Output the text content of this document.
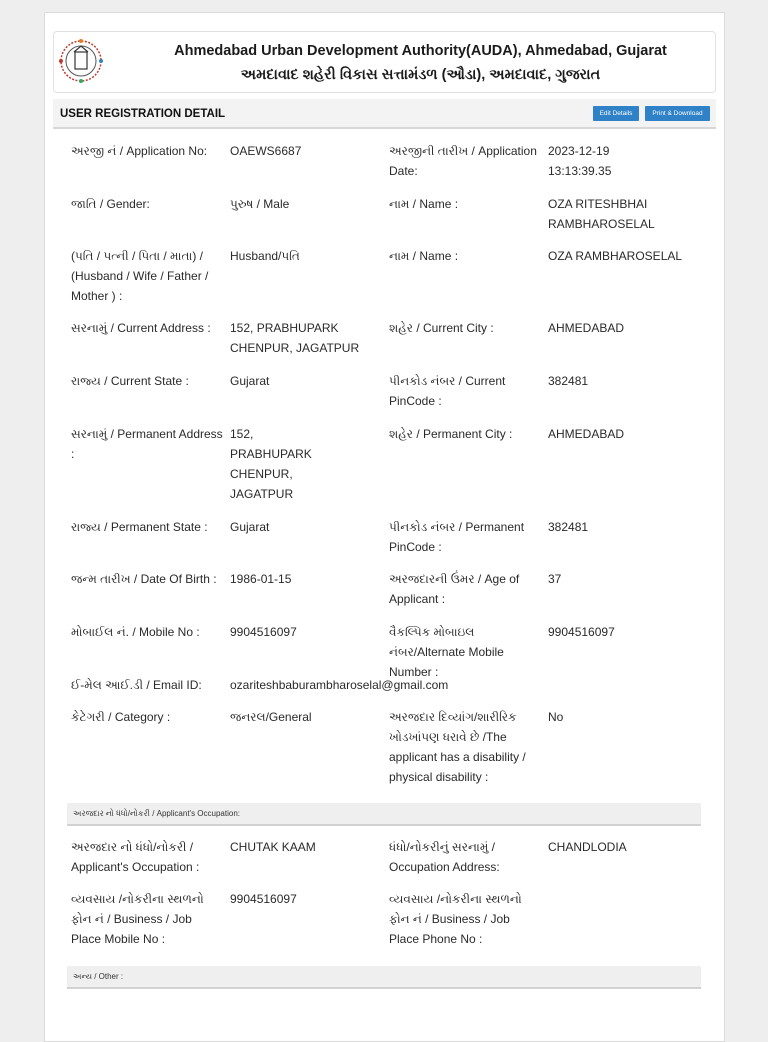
Ahmedabad Urban Development Authority(AUDA), Ahmedabad, Gujarat
અમદાવાદ શહેરી વિકાસ સત્તામંડળ (ઔડા), અમદાવાદ, ગુજરાત
USER REGISTRATION DETAIL	Edit Details	Print & Download
અરજી નં / Application No:	OAEWS6687	અરજીની તારીખ / Application Date:
2023-12-19 13:13:39.35
જાતિ / Gender:	પુરુષ / Male	નામ / Name :	OZA RITESHBHAI RAMBHAROSELAL
(પતિ / પત્ની / પિતા / માતા) / (Husband / Wife / Father / Mother ) :
Husband/પતિ	નામ / Name :	OZA RAMBHAROSELAL
સરનામું / Current Address :	152, PRABHUPARK CHENPUR, JAGATPUR
શહેર / Current City :	AHMEDABAD
રાજ્ય / Current State :	Gujarat	પીનકોડ નંબર / Current PinCode :
382481
સરનામું / Permanent Address :
152, PRABHUPARK CHENPUR, JAGATPUR
શહેર / Permanent City :	AHMEDABAD
રાજ્ય / Permanent State :	Gujarat	પીનકોડ નંબર / Permanent PinCode :
382481
જન્મ તારીખ / Date Of Birth :	1986-01-15	અરજદારની ઉંમર / Age of Applicant :
37
મોબાઈલ નં. / Mobile No :	9904516097	વૈકલ્પિક મોબાઇલ નંબર/Alternate Mobile Number :
9904516097
ઈ-મેલ આઈ.ડી / Email ID:	ozariteshbaburambharoselal@gmail.com
કેટેગરી / Category :	જનરલ/General	અરજદાર દિવ્યાંગ/શારીરિક ખોડખાંપણ ધરાવે છે /The applicant has a disability / physical disability :
No
અરજદાર નો ધંધો/નોકરી / Applicant's Occupation:
અરજદાર નો ધંધો/નોકરી / Applicant's Occupation :
CHUTAK KAAM	ધંધો/નોકરીનું સરનામું / Occupation Address:
CHANDLODIA
વ્યવસાય /નોકરીના સ્થળનો ફોન નં / Business / Job Place Mobile No :
9904516097	વ્યવસાય /નોકરીના સ્થળનો ફોન નં / Business / Job Place Phone No :
અન્ય / Other :
